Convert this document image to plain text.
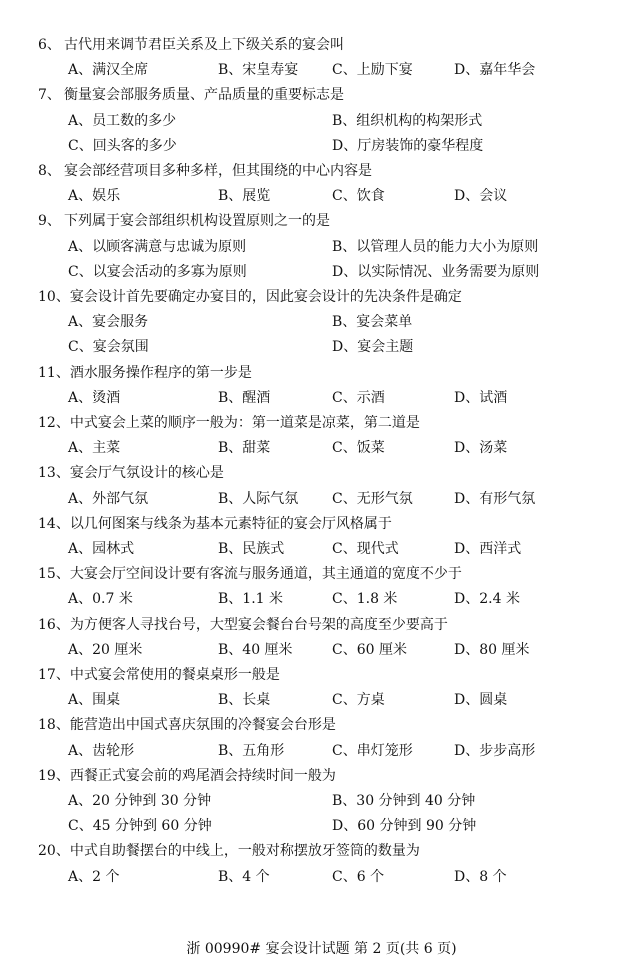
6、 古代用来调节君臣关系及上下级关系的宴会叫
A、满汉全席	B、宋皇寿宴 C、上励下宴	D、嘉年华会
7、 衡量宴会部服务质量、产品质量的重要标志是
A、员工数的多少	B、组织机构的构架形式
C、回头客的多少	D、厅房装饰的豪华程度
8、 宴会部经营项目多种多样，但其围绕的中心内容是
A、娱乐	B、展览	C、饮食	D、会议
9、 下列属于宴会部组织机构设置原则之一的是
A、以顾客满意与忠诚为原则	B、以管理人员的能力大小为原则
C、以宴会活动的多寡为原则	D、以实际情况、业务需要为原则
10、宴会设计首先要确定办宴目的，因此宴会设计的先决条件是确定
A、宴会服务	B、宴会菜单
C、宴会氛围	D、宴会主题
11、酒水服务操作程序的第一步是
A、烫酒	B、醒酒	C、示酒	D、试酒
12、中式宴会上菜的顺序一般为：第一道菜是凉菜，第二道是
A、主菜	B、甜菜	C、饭菜	D、汤菜
13、宴会厅气氛设计的核心是
A、外部气氛	B、人际气氛 C、无形气氛	D、有形气氛
14、以几何图案与线条为基本元素特征的宴会厅风格属于
A、园林式	B、民族式	C、现代式	D、西洋式
15、大宴会厅空间设计要有客流与服务通道，其主通道的宽度不少于
A、0.7 米	B、1.1 米	C、1.8 米	D、2.4 米
16、为方便客人寻找台号，大型宴会餐台台号架的高度至少要高于
A、20 厘米	B、40 厘米	C、60 厘米	D、80 厘米
17、中式宴会常使用的餐桌桌形一般是
A、围桌	B、长桌	C、方桌	D、圆桌
18、能营造出中国式喜庆氛围的冷餐宴会台形是
A、齿轮形	B、五角形	C、串灯笼形	D、步步高形
19、西餐正式宴会前的鸡尾酒会持续时间一般为
A、20 分钟到 30 分钟	B、30 分钟到 40 分钟
C、45 分钟到 60 分钟	D、60 分钟到 90 分钟
20、中式自助餐摆台的中线上，一般对称摆放牙签筒的数量为
A、2 个	B、4 个	C、6 个	D、8 个
浙 00990# 宴会设计试题 第 2 页(共 6 页)
